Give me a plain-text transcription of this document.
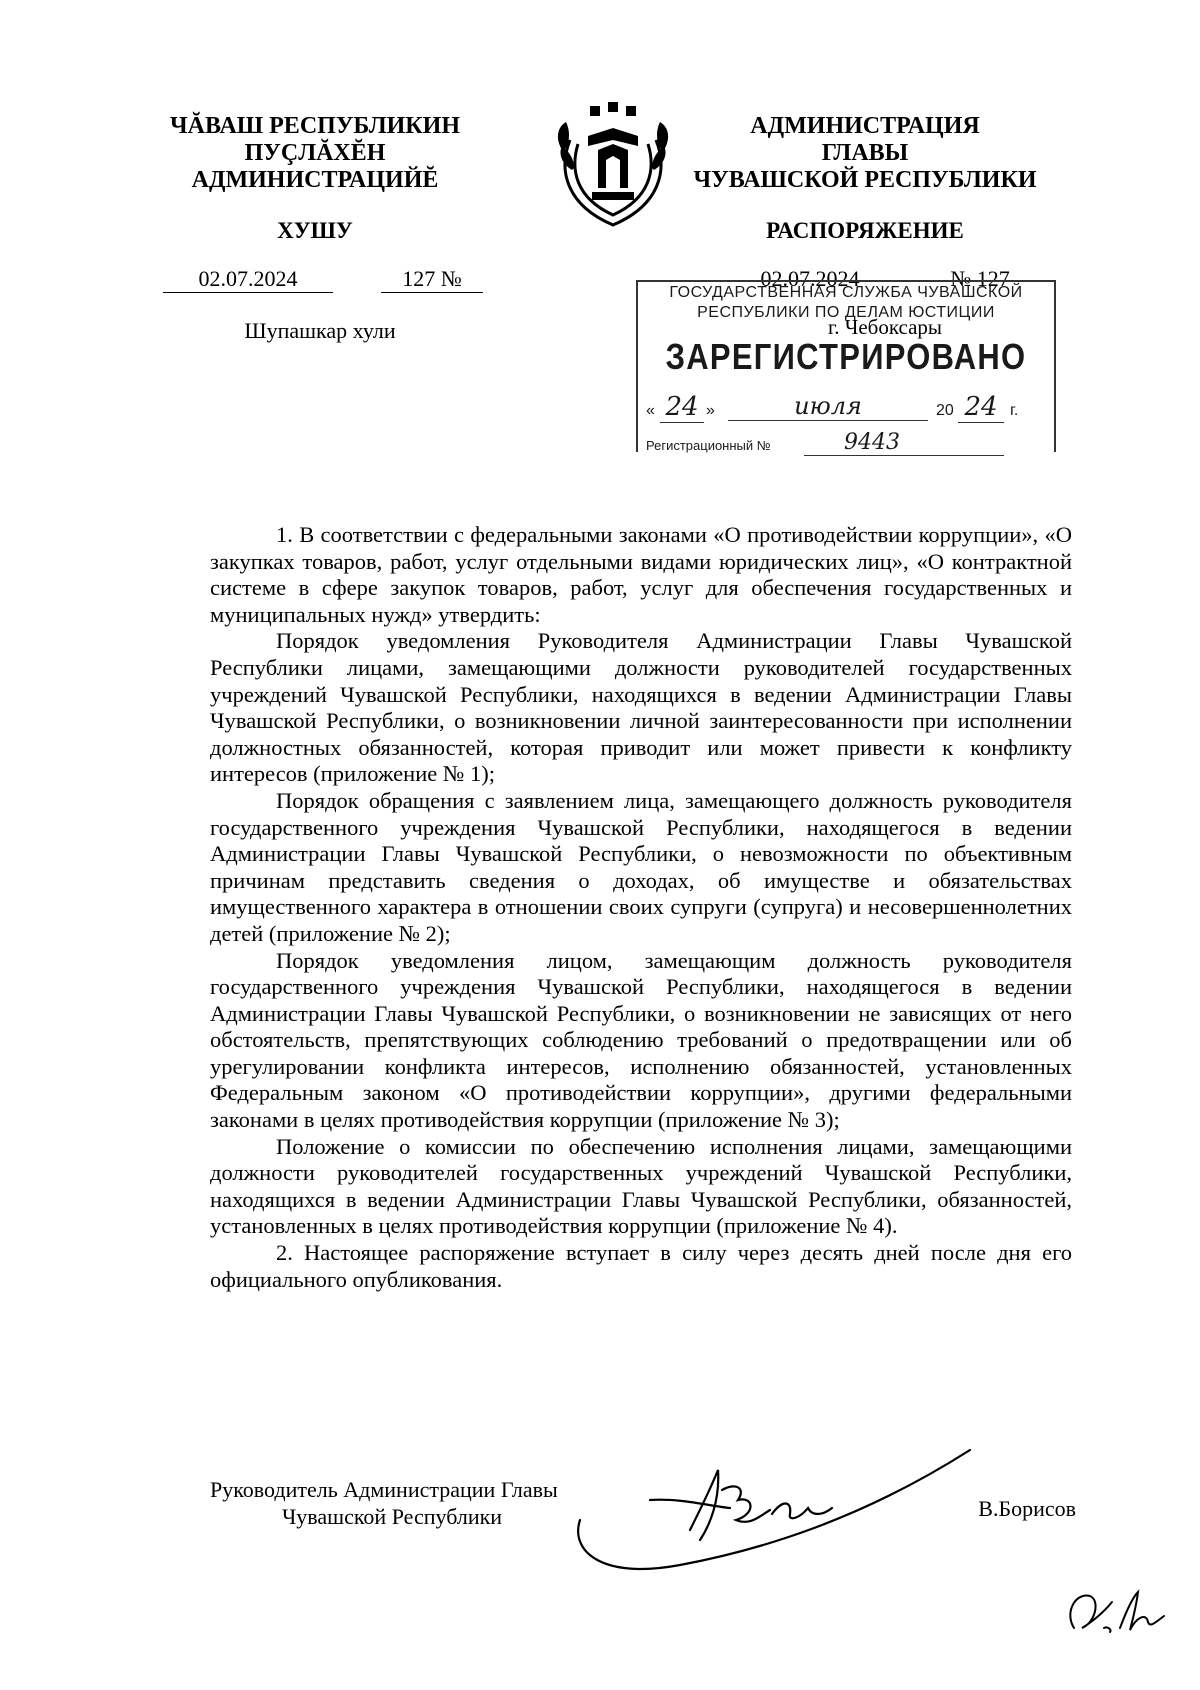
ЧĂВАШ РЕСПУБЛИКИН
ПУÇЛĂХĔН
АДМИНИСТРАЦИЙĔ
АДМИНИСТРАЦИЯ
ГЛАВЫ
ЧУВАШСКОЙ РЕСПУБЛИКИ
ХУШУ	РАСПОРЯЖЕНИЕ
02.07.2024	127 №
Шупашкар хули
02.07.2024	№ 127
г. Чебоксары
ГОСУДАРСТВЕННАЯ СЛУЖБА ЧУВАШСКОЙ
РЕСПУБЛИКИ ПО ДЕЛАМ ЮСТИЦИИ
ЗАРЕГИСТРИРОВАНО
« 24 »	июля	20 24 г.
Регистрационный №	9443

1. В соответствии с федеральными законами «О противодействии коррупции», «О закупках товаров, работ, услуг отдельными видами юридических лиц», «О контрактной системе в сфере закупок товаров, работ, услуг для обеспечения государственных и муниципальных нужд» утвердить:

Порядок уведомления Руководителя Администрации Главы Чувашской Республики лицами, замещающими должности руководителей государственных учреждений Чувашской Республики, находящихся в ведении Администрации Главы Чувашской Республики, о возникновении личной заинтересованности при исполнении должностных обязанностей, которая приводит или может привести к конфликту интересов (приложение № 1);

Порядок обращения с заявлением лица, замещающего должность руководителя государственного учреждения Чувашской Республики, находящегося в ведении Администрации Главы Чувашской Республики, о невозможности по объективным причинам представить сведения о доходах, об имуществе и обязательствах имущественного характера в отношении своих супруги (супруга) и несовершеннолетних детей (приложение № 2);

Порядок уведомления лицом, замещающим должность руководителя государственного учреждения Чувашской Республики, находящегося в ведении Администрации Главы Чувашской Республики, о возникновении не зависящих от него обстоятельств, препятствующих соблюдению требований о предотвращении или об урегулировании конфликта интересов, исполнению обязанностей, установленных Федеральным законом «О противодействии коррупции», другими федеральными законами в целях противодействия коррупции (приложение № 3);

Положение о комиссии по обеспечению исполнения лицами, замещающими должности руководителей государственных учреждений Чувашской Республики, находящихся в ведении Администрации Главы Чувашской Республики, обязанностей, установленных в целях противодействия коррупции (приложение № 4).

2. Настоящее распоряжение вступает в силу через десять дней после дня его официального опубликования.

Руководитель Администрации Главы
Чувашской Республики	В.Борисов
